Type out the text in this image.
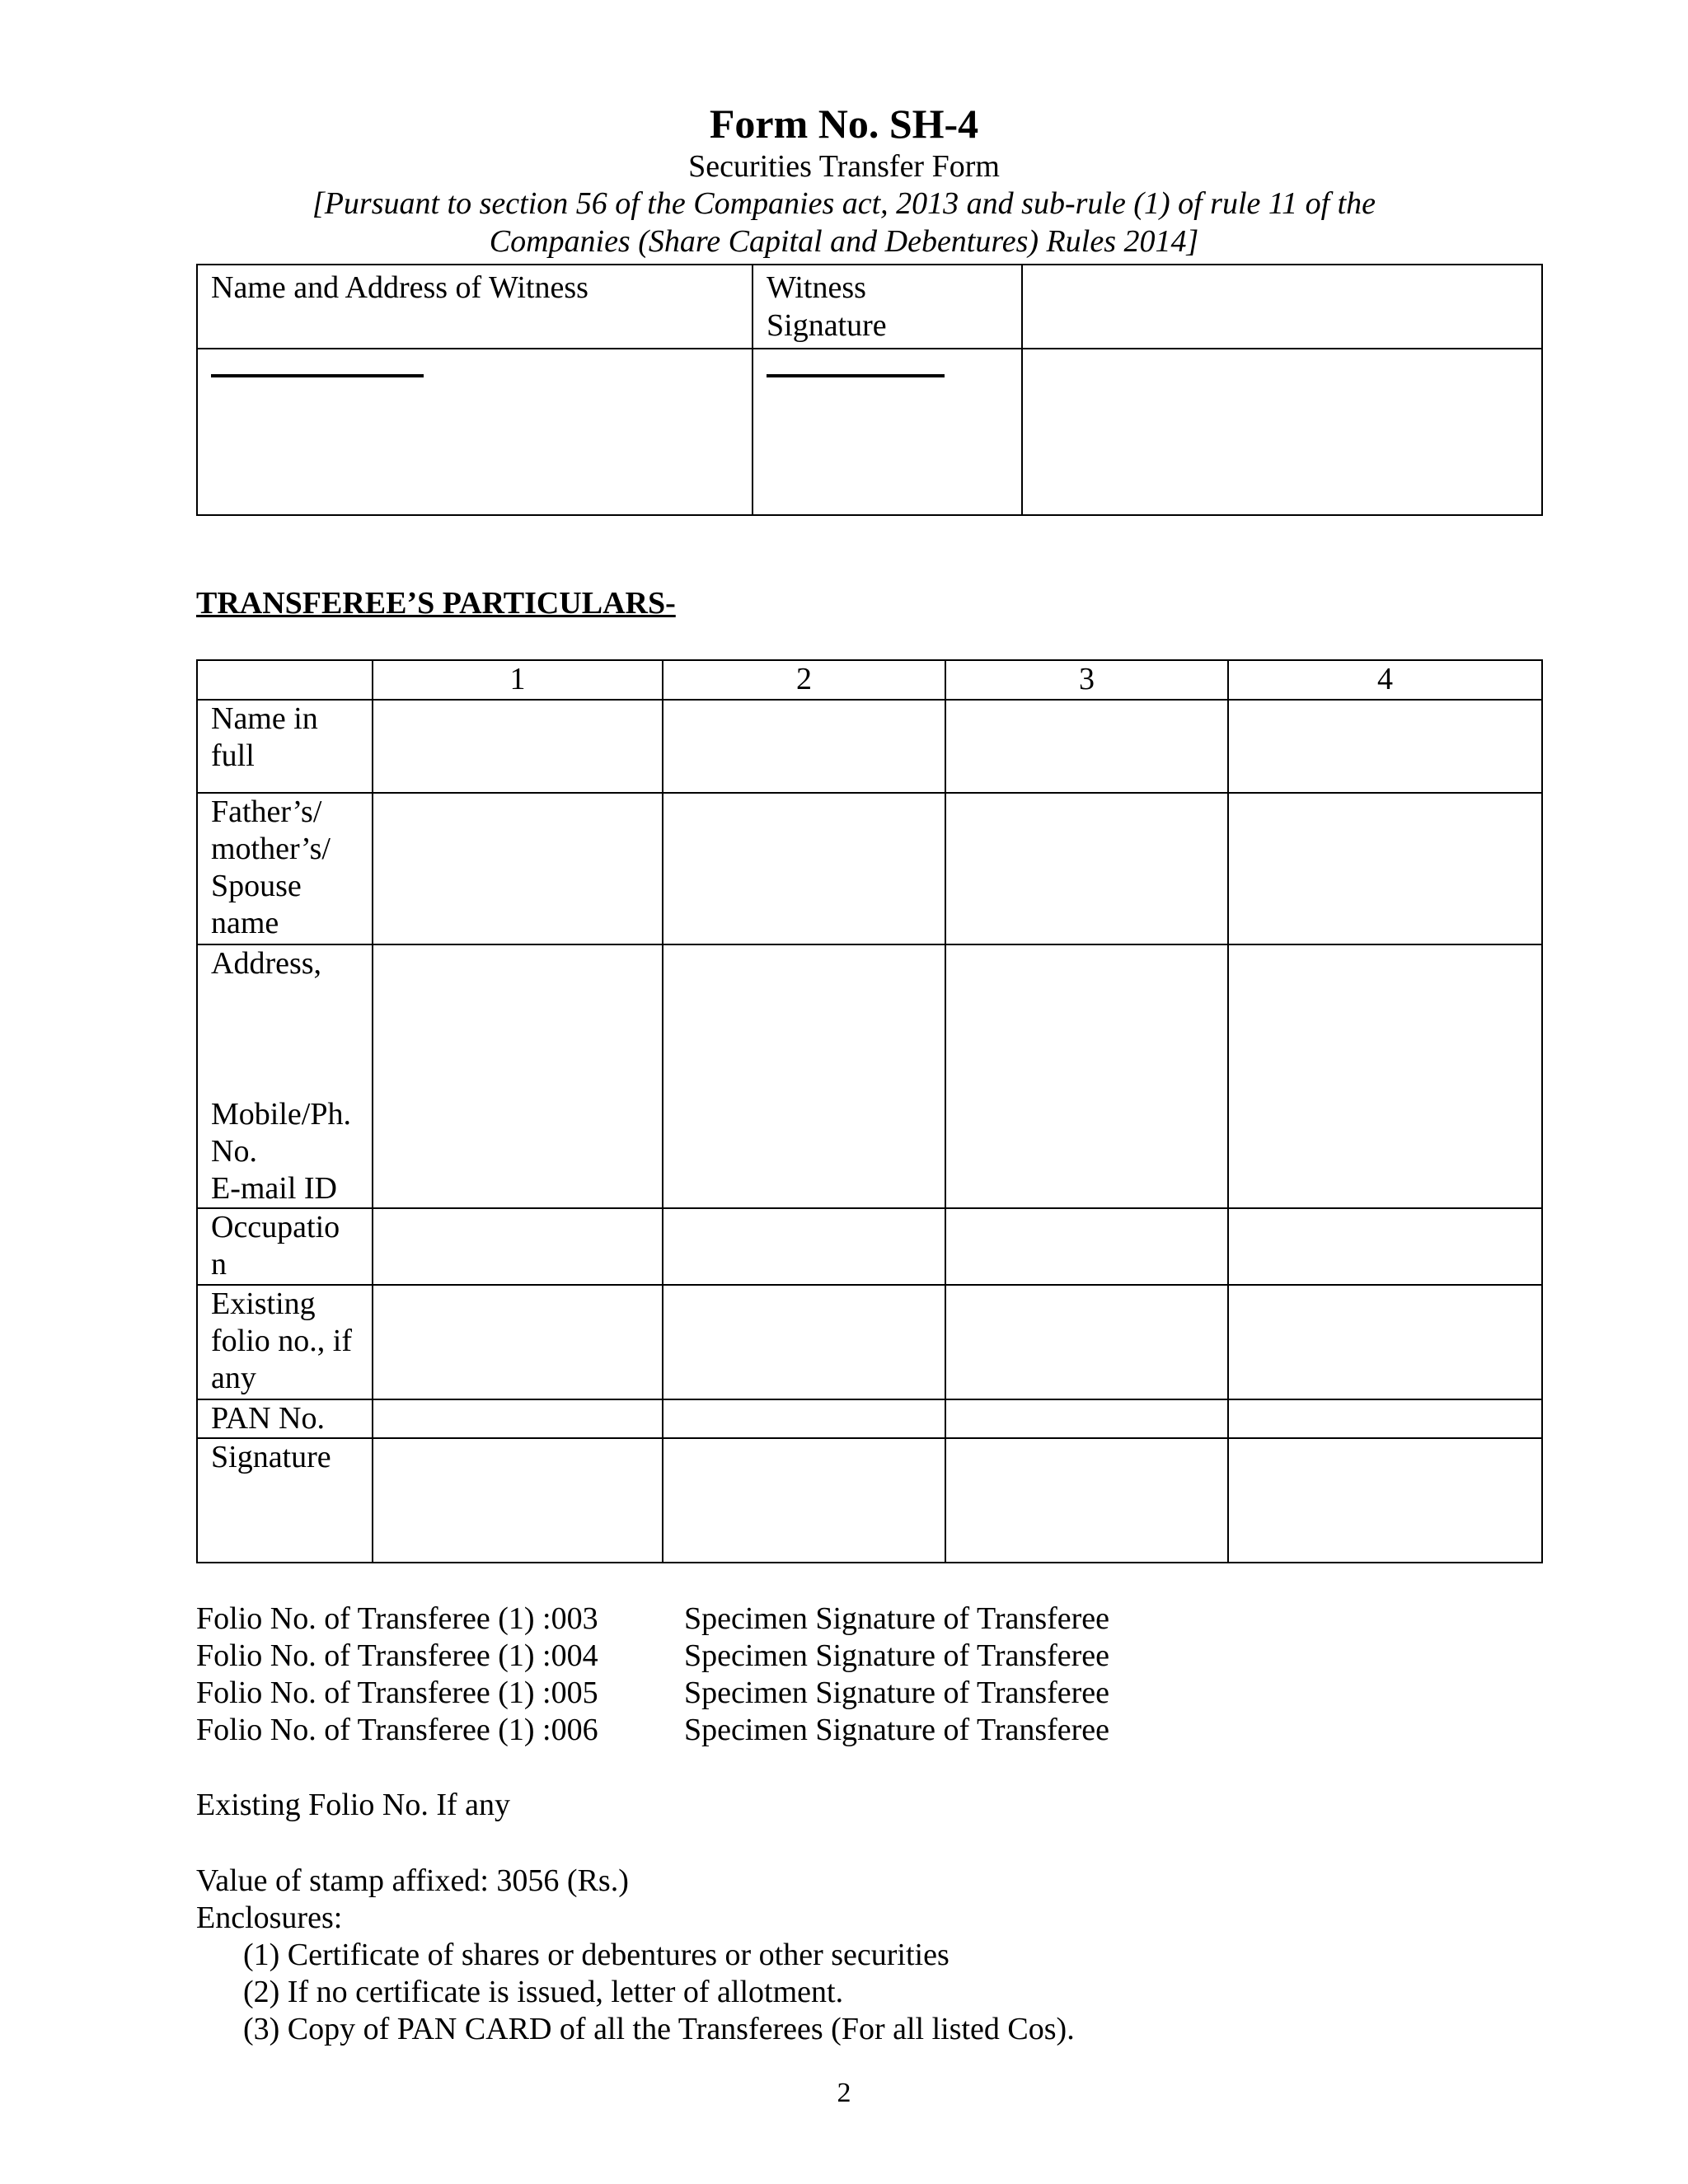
Form No. SH-4
Securities Transfer Form
[Pursuant to section 56 of the Companies act, 2013 and sub-rule (1) of rule 11 of the
Companies (Share Capital and Debentures) Rules 2014]
Name and Address of Witness	Witness
Signature	

TRANSFEREE’S PARTICULARS-
	1	2	3	4

Name in
full				

Father’s/
mother’s/
Spouse
name				

Address,
Mobile/Ph.
No.
E-mail ID				

Occupatio
n				

Existing
folio no., if
any				

PAN No.				
Signature				
Folio No. of Transferee (1) :003	Specimen Signature of Transferee
Folio No. of Transferee (1) :004	Specimen Signature of Transferee
Folio No. of Transferee (1) :005	Specimen Signature of Transferee
Folio No. of Transferee (1) :006	Specimen Signature of Transferee
Existing Folio No. If any
Value of stamp affixed: 3056 (Rs.)
Enclosures:
(1) Certificate of shares or debentures or other securities
(2) If no certificate is issued, letter of allotment.
(3) Copy of PAN CARD of all the Transferees (For all listed Cos).
2
